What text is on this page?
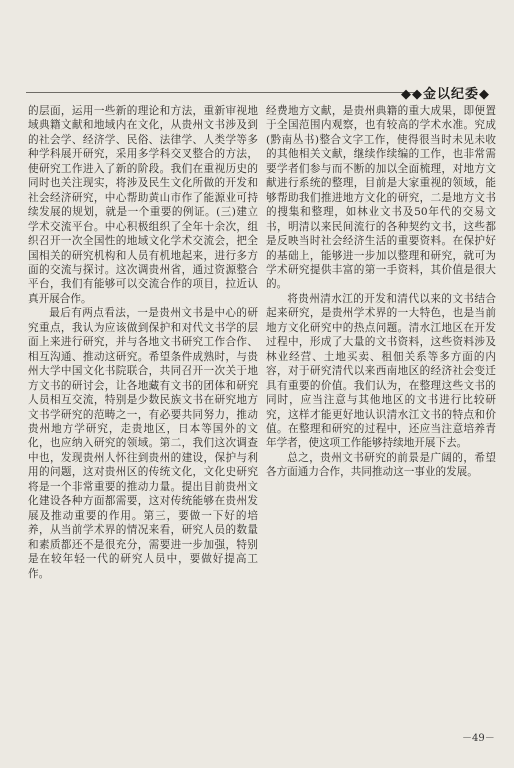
◆◆金以纪委◆

的层面，运用一些新的理论和方法，重新审视地域典籍文献和地域内在文化，从贵州文书涉及到的社会学、经济学、民俗、法律学、人类学等多种学科展开研究，采用多学科交叉整合的方法，使研究工作进入了新的阶段。我们在重视历史的同时也关注现实，将涉及民生文化所做的开发和社会经济研究，中心帮助黄山市作了能源业可持续发展的规划，就是一个重要的例证。(三)建立学术交流平台。中心积极组织了全年十余次，组织召开一次全国性的地域文化学术交流会，把全国相关的研究机构和人员有机地起来，进行多方面的交流与探讨。这次调贵州省，通过资源整合平台，我们有能够可以交流合作的项目，拉近认真开展合作。

最后有两点看法，一是贵州文书是中心的研究重点，我认为应该做到保护和对代文书学的层面上来进行研究，并与各地文书研究工作合作、相互沟通、推动这研究。希望条件成熟时，与贵州大学中国文化书院联合，共同召开一次关于地方文书的研讨会，让各地藏有文书的团体和研究人员相互交流，特别是少数民族文书在研究地方文书学研究的范畴之一，有必要共同努力，推动贵州地方学研究，走贵地区，日本等国外的文化，也应纳入研究的领域。第二，我们这次调查中也，发现贵州人怀往到贵州的建设，保护与利用的问题，这对贵州区的传统文化，文化史研究将是一个非常重要的推动力量。提出目前贵州文化建设各种方面都需要，这对传统能够在贵州发展及推动重要的作用。第三，要做一下好的培养，从当前学术界的情况来看，研究人员的数量和素质都还不是很充分，需要进一步加强，特别是在较年轻一代的研究人员中，要做好提高工作。

经费地方文献，是贵州典籍的重大成果，即便置于全国范围内观察，也有较高的学术水准。究成(黔南丛书)整合文字工作，使得很当时未见未收的其他相关文献，继续作续编的工作，也非常需要学者们参与而不断的加以全面梳理，对地方文献进行系统的整理，目前是大家重视的领域，能够帮助我们推进地方文化的研究，二是地方文书的搜集和整理，如林业文书及50年代的交易文书，明清以来民间流行的各种契约文书，这些都是反映当时社会经济生活的重要资料。在保护好的基础上，能够进一步加以整理和研究，就可为学术研究提供丰富的第一手资料，其价值是很大的。

将贵州清水江的开发和清代以来的文书结合起来研究，是贵州学术界的一大特色，也是当前地方文化研究中的热点问题。清水江地区在开发过程中，形成了大量的文书资料，这些资料涉及林业经营、土地买卖、租佃关系等多方面的内容，对于研究清代以来西南地区的经济社会变迁具有重要的价值。我们认为，在整理这些文书的同时，应当注意与其他地区的文书进行比较研究，这样才能更好地认识清水江文书的特点和价值。在整理和研究的过程中，还应当注意培养青年学者，使这项工作能够持续地开展下去。

总之，贵州文书研究的前景是广阔的，希望各方面通力合作，共同推动这一事业的发展。

－49－
